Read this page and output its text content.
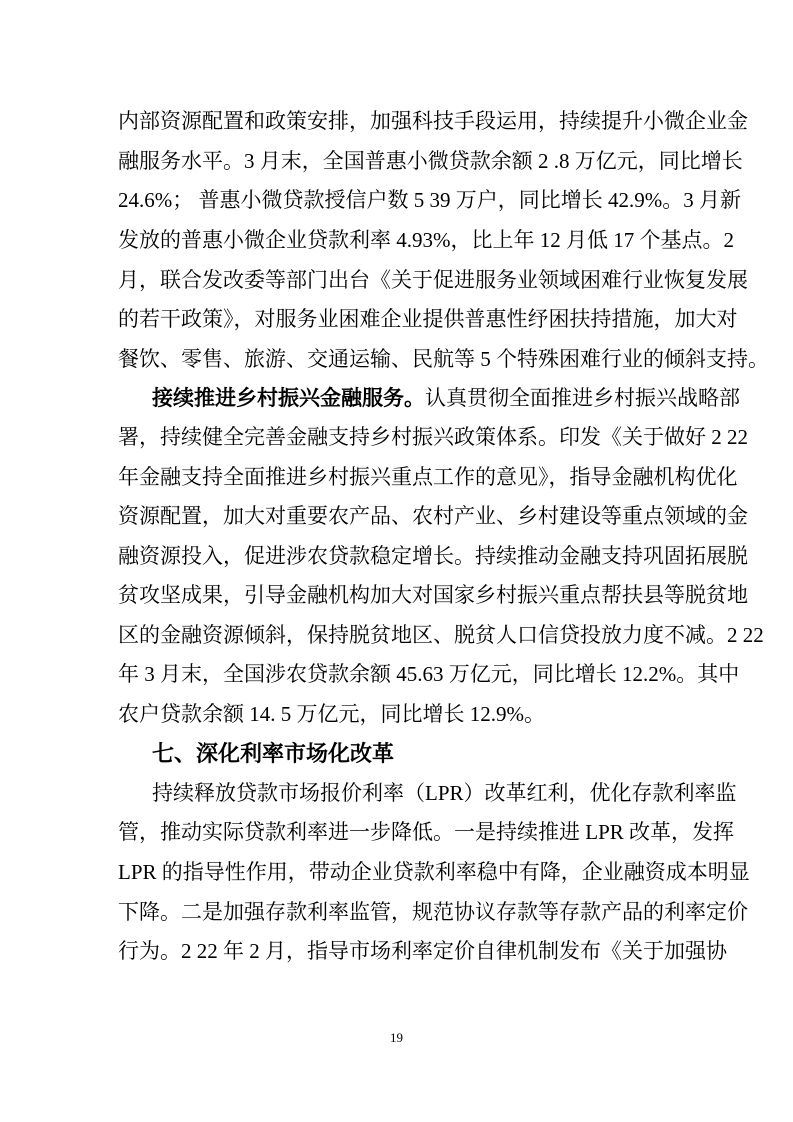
内部资源配置和政策安排，加强科技手段运用，持续提升小微企业金
融服务水平。3 月末，全国普惠小微贷款余额 2 .8 万亿元，同比增长
24.6%； 普惠小微贷款授信户数 5 39 万户，同比增长 42.9%。3 月新
发放的普惠小微企业贷款利率 4.93%，比上年 12 月低 17 个基点。2
月，联合发改委等部门出台《关于促进服务业领域困难行业恢复发展
的若干政策》，对服务业困难企业提供普惠性纾困扶持措施，加大对
餐饮、零售、旅游、交通运输、民航等 5 个特殊困难行业的倾斜支持。
接续推进乡村振兴金融服务。认真贯彻全面推进乡村振兴战略部
署，持续健全完善金融支持乡村振兴政策体系。印发《关于做好 2 22
年金融支持全面推进乡村振兴重点工作的意见》，指导金融机构优化
资源配置，加大对重要农产品、农村产业、乡村建设等重点领域的金
融资源投入，促进涉农贷款稳定增长。持续推动金融支持巩固拓展脱
贫攻坚成果，引导金融机构加大对国家乡村振兴重点帮扶县等脱贫地
区的金融资源倾斜，保持脱贫地区、脱贫人口信贷投放力度不减。2 22
年 3 月末，全国涉农贷款余额 45.63 万亿元，同比增长 12.2%。其中
农户贷款余额 14. 5 万亿元，同比增长 12.9%。
七、深化利率市场化改革
持续释放贷款市场报价利率（LPR）改革红利，优化存款利率监
管，推动实际贷款利率进一步降低。一是持续推进 LPR 改革，发挥
LPR 的指导性作用，带动企业贷款利率稳中有降，企业融资成本明显
下降。二是加强存款利率监管，规范协议存款等存款产品的利率定价
行为。2 22 年 2 月，指导市场利率定价自律机制发布《关于加强协
19
